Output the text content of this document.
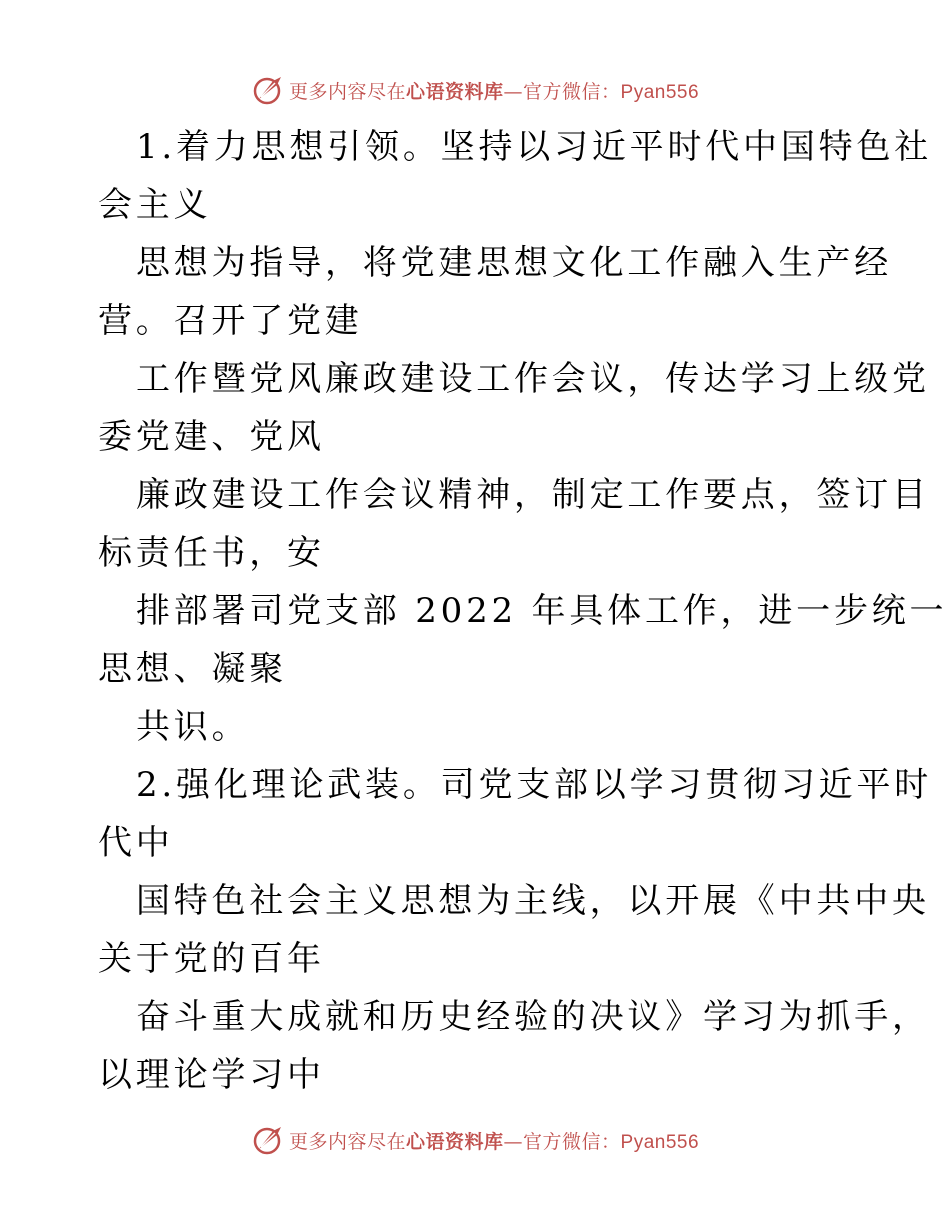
更多内容尽在心语资料库—官方微信：Pyan556
1.着力思想引领。坚持以习近平时代中国特色社
会主义
思想为指导，将党建思想文化工作融入生产经
营。召开了党建
工作暨党风廉政建设工作会议，传达学习上级党
委党建、党风
廉政建设工作会议精神，制定工作要点，签订目
标责任书，安
排部署司党支部 2022 年具体工作，进一步统一
思想、凝聚
共识。
2.强化理论武装。司党支部以学习贯彻习近平时
代中
国特色社会主义思想为主线，以开展《中共中央
关于党的百年
奋斗重大成就和历史经验的决议》学习为抓手，
以理论学习中
更多内容尽在心语资料库—官方微信：Pyan556
